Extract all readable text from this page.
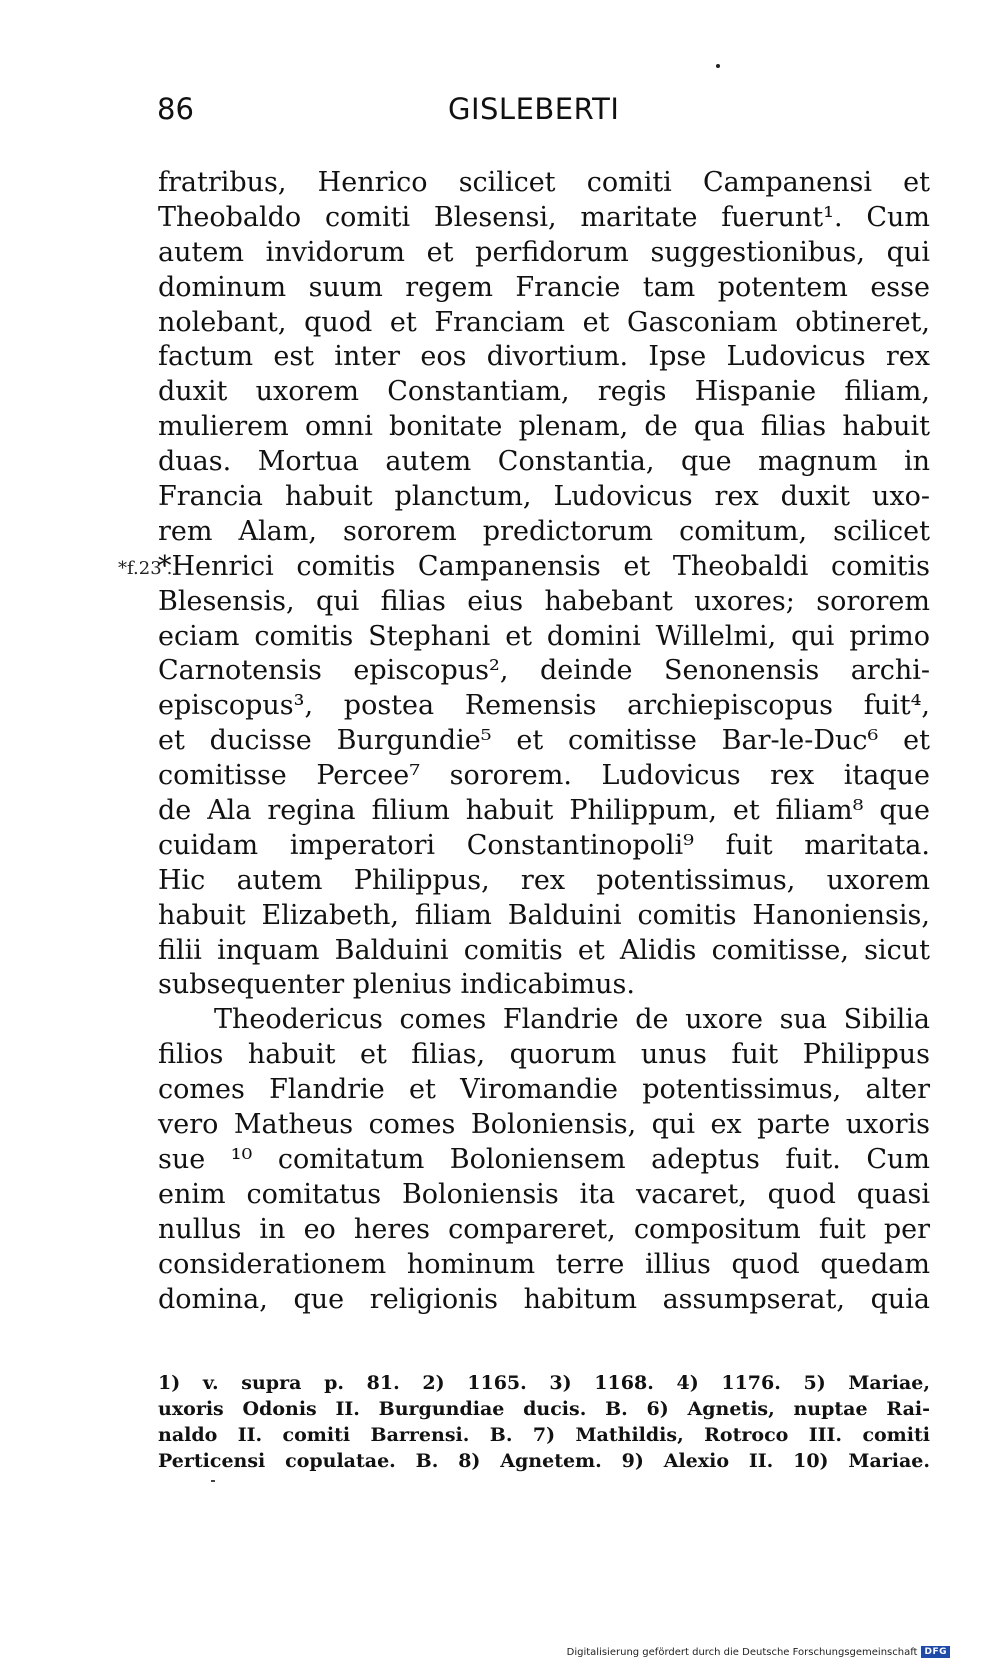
86	GISLEBERTI
*f.23'.
fratribus, Henrico scilicet comiti Campanensi et
Theobaldo comiti Blesensi, maritate fuerunt¹. Cum
autem invidorum et perfidorum suggestionibus, qui
dominum suum regem Francie tam potentem esse
nolebant, quod et Franciam et Gasconiam obtineret,
factum est inter eos divortium. Ipse Ludovicus rex
duxit uxorem Constantiam, regis Hispanie filiam,
mulierem omni bonitate plenam, de qua filias habuit
duas. Mortua autem Constantia, que magnum in
Francia habuit planctum, Ludovicus rex duxit uxo-
rem Alam, sororem predictorum comitum, scilicet
*Henrici comitis Campanensis et Theobaldi comitis
Blesensis, qui filias eius habebant uxores; sororem
eciam comitis Stephani et domini Willelmi, qui primo
Carnotensis episcopus², deinde Senonensis archi-
episcopus³, postea Remensis archiepiscopus fuit⁴,
et ducisse Burgundie⁵ et comitisse Bar-le-Duc⁶ et
comitisse Percee⁷ sororem. Ludovicus rex itaque
de Ala regina filium habuit Philippum, et filiam⁸ que
cuidam imperatori Constantinopoli⁹ fuit maritata.
Hic autem Philippus, rex potentissimus, uxorem
habuit Elizabeth, filiam Balduini comitis Hanoniensis,
filii inquam Balduini comitis et Alidis comitisse, sicut
subsequenter plenius indicabimus.
Theodericus comes Flandrie de uxore sua Sibilia
filios habuit et filias, quorum unus fuit Philippus
comes Flandrie et Viromandie potentissimus, alter
vero Matheus comes Boloniensis, qui ex parte uxoris
sue ¹⁰ comitatum Boloniensem adeptus fuit. Cum
enim comitatus Boloniensis ita vacaret, quod quasi
nullus in eo heres compareret, compositum fuit per
considerationem hominum terre illius quod quedam
domina, que religionis habitum assumpserat, quia
1) v. supra p. 81. 2) 1165. 3) 1168. 4) 1176. 5) Mariae,
uxoris Odonis II. Burgundiae ducis. B. 6) Agnetis, nuptae Rai-
naldo II. comiti Barrensi. B. 7) Mathildis, Rotroco III. comiti
Perticensi copulatae. B. 8) Agnetem. 9) Alexio II. 10) Mariae.
Digitalisierung gefördert durch die Deutsche Forschungsgemeinschaft DFG
